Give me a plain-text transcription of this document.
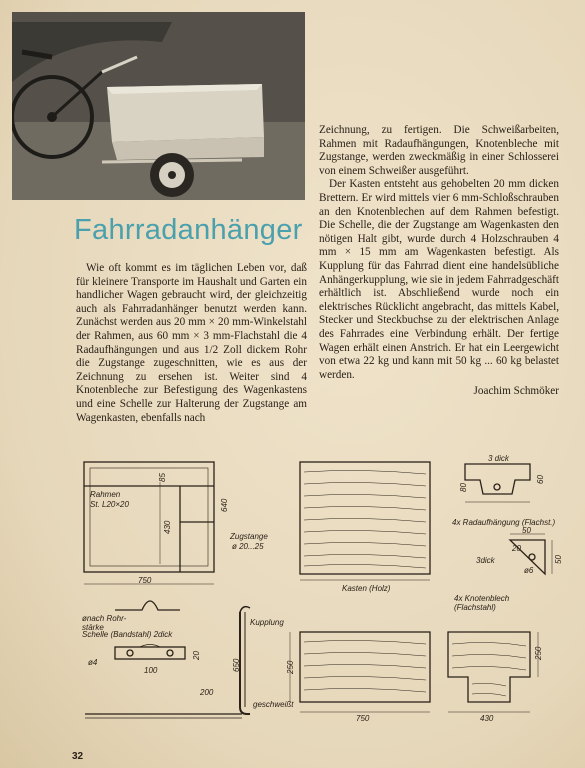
Fahrradanhänger

Wie oft kommt es im täglichen Leben vor, daß für kleinere Transporte im Haushalt und Garten ein handlicher Wagen gebraucht wird, der gleichzeitig auch als Fahrradanhänger benutzt werden kann. Zunächst werden aus 20 mm × 20 mm-Winkelstahl der Rahmen, aus 60 mm × 3 mm-Flachstahl die 4 Radaufhängungen und aus 1/2 Zoll dickem Rohr die Zugstange zugeschnitten, wie es aus der Zeichnung zu ersehen ist. Weiter sind 4 Knotenbleche zur Befestigung des Wagenkastens und eine Schelle zur Halterung der Zugstange am Wagenkasten, ebenfalls nach

Zeichnung, zu fertigen. Die Schweißarbeiten, Rahmen mit Radaufhängungen, Knotenbleche mit Zugstange, werden zweckmäßig in einer Schlosserei von einem Schweißer ausgeführt.

Der Kasten entsteht aus gehobelten 20 mm dicken Brettern. Er wird mittels vier 6 mm-Schloßschrauben an den Knotenblechen auf dem Rahmen befestigt. Die Schelle, die der Zugstange am Wagenkasten den nötigen Halt gibt, wurde durch 4 Holzschrauben 4 mm × 15 mm am Wagenkasten befestigt. Als Kupplung für das Fahrrad dient eine handelsübliche Anhängerkupplung, wie sie in jedem Fahrradgeschäft erhältlich ist. Abschließend wurde noch ein elektrisches Rücklicht angebracht, das mittels Kabel, Stecker und Steckbuchse zu der elektrischen Anlage des Fahrrades eine Verbindung erhält. Der fertige Wagen erhält einen Anstrich. Er hat ein Leergewicht von etwa 22 kg und kann mit 50 kg ... 60 kg belastet werden.

Joachim Schmöker
Rahmen
St. L20×20
85
640
430
750
Zugstange
ø 20...25
Kupplung
650
geschweißt
200
ønach Rohr-stärke
Schelle (Bandstahl) 2dick
ø4
100
20
Kasten (Holz)
3 dick
80
60
4x Radaufhängung (Flachst.)
50
20
3dick
ø6
50
4x Knotenblech (Flachstahl)
250
750
250
430
32
